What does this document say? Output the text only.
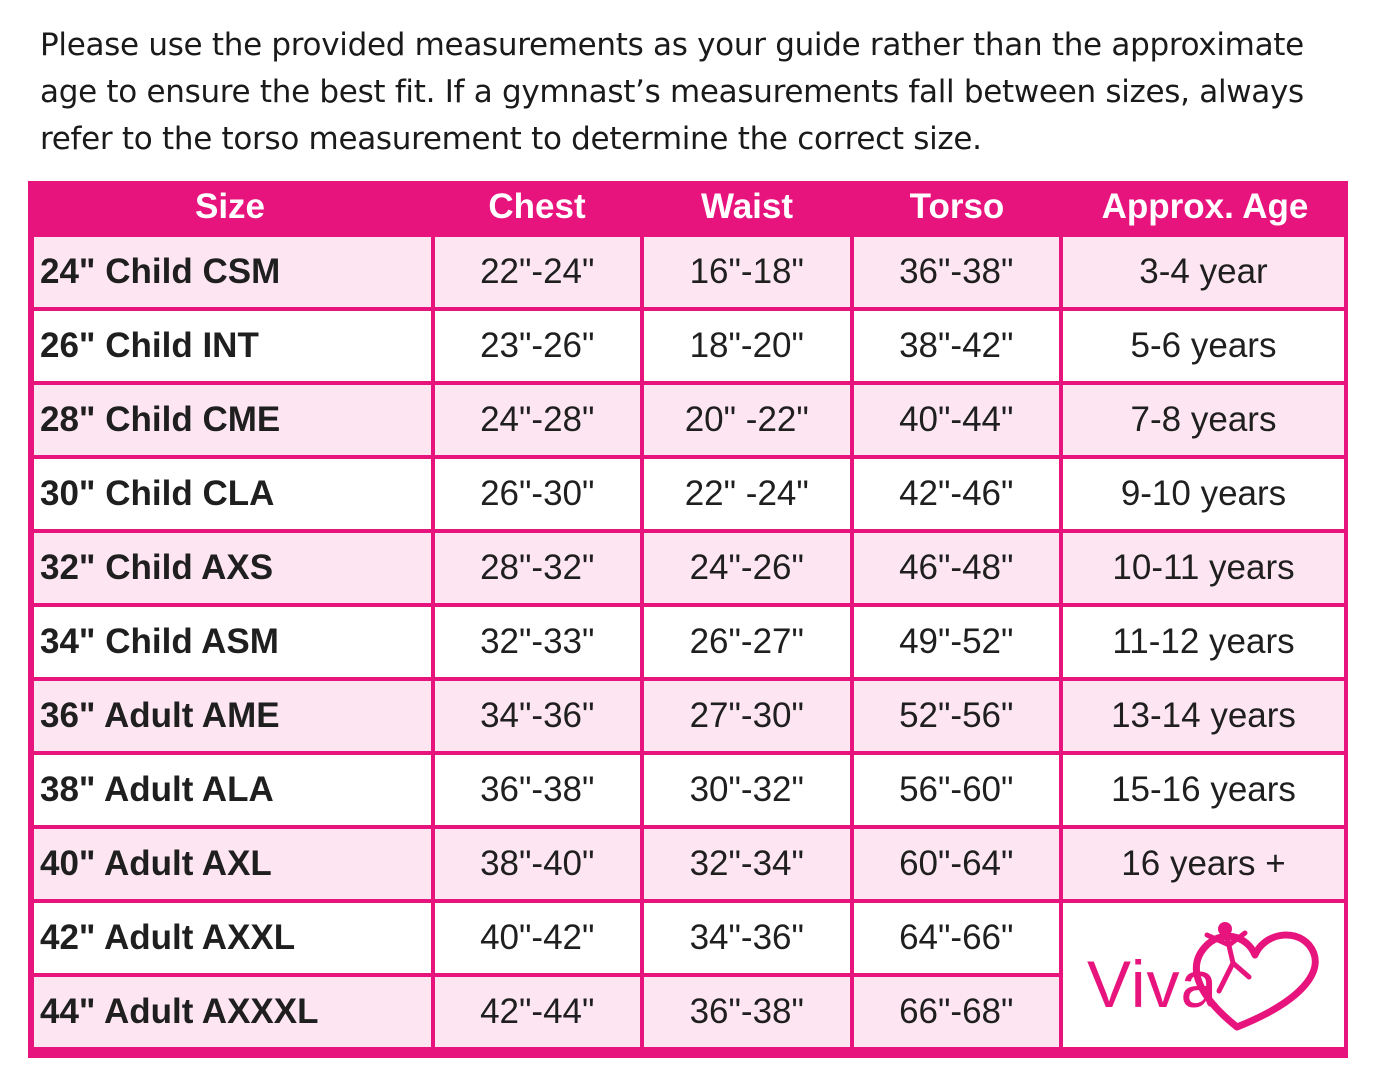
Please use the provided measurements as your guide rather than the approximate age to ensure the best fit. If a gymnast’s measurements fall between sizes, always refer to the torso measurement to determine the correct size.
Size	Chest	Waist	Torso	Approx. Age
24" Child CSM	22"-24"	16"-18"	36"-38"	3-4 year
26" Child INT	23"-26"	18"-20"	38"-42"	5-6 years
28" Child CME	24"-28"	20" -22"	40"-44"	7-8 years
30" Child CLA	26"-30"	22" -24"	42"-46"	9-10 years
32" Child AXS	28"-32"	24"-26"	46"-48"	10-11 years
34" Child ASM	32"-33"	26"-27"	49"-52"	11-12 years
36" Adult AME	34"-36"	27"-30"	52"-56"	13-14 years
38" Adult ALA	36"-38"	30"-32"	56"-60"	15-16 years
40" Adult AXL	38"-40"	32"-34"	60"-64"	16 years +
42" Adult AXXL	40"-42"	34"-36"	64"-66"	Viva

44" Adult AXXXL	42"-44"	36"-38"	66"-68"	
